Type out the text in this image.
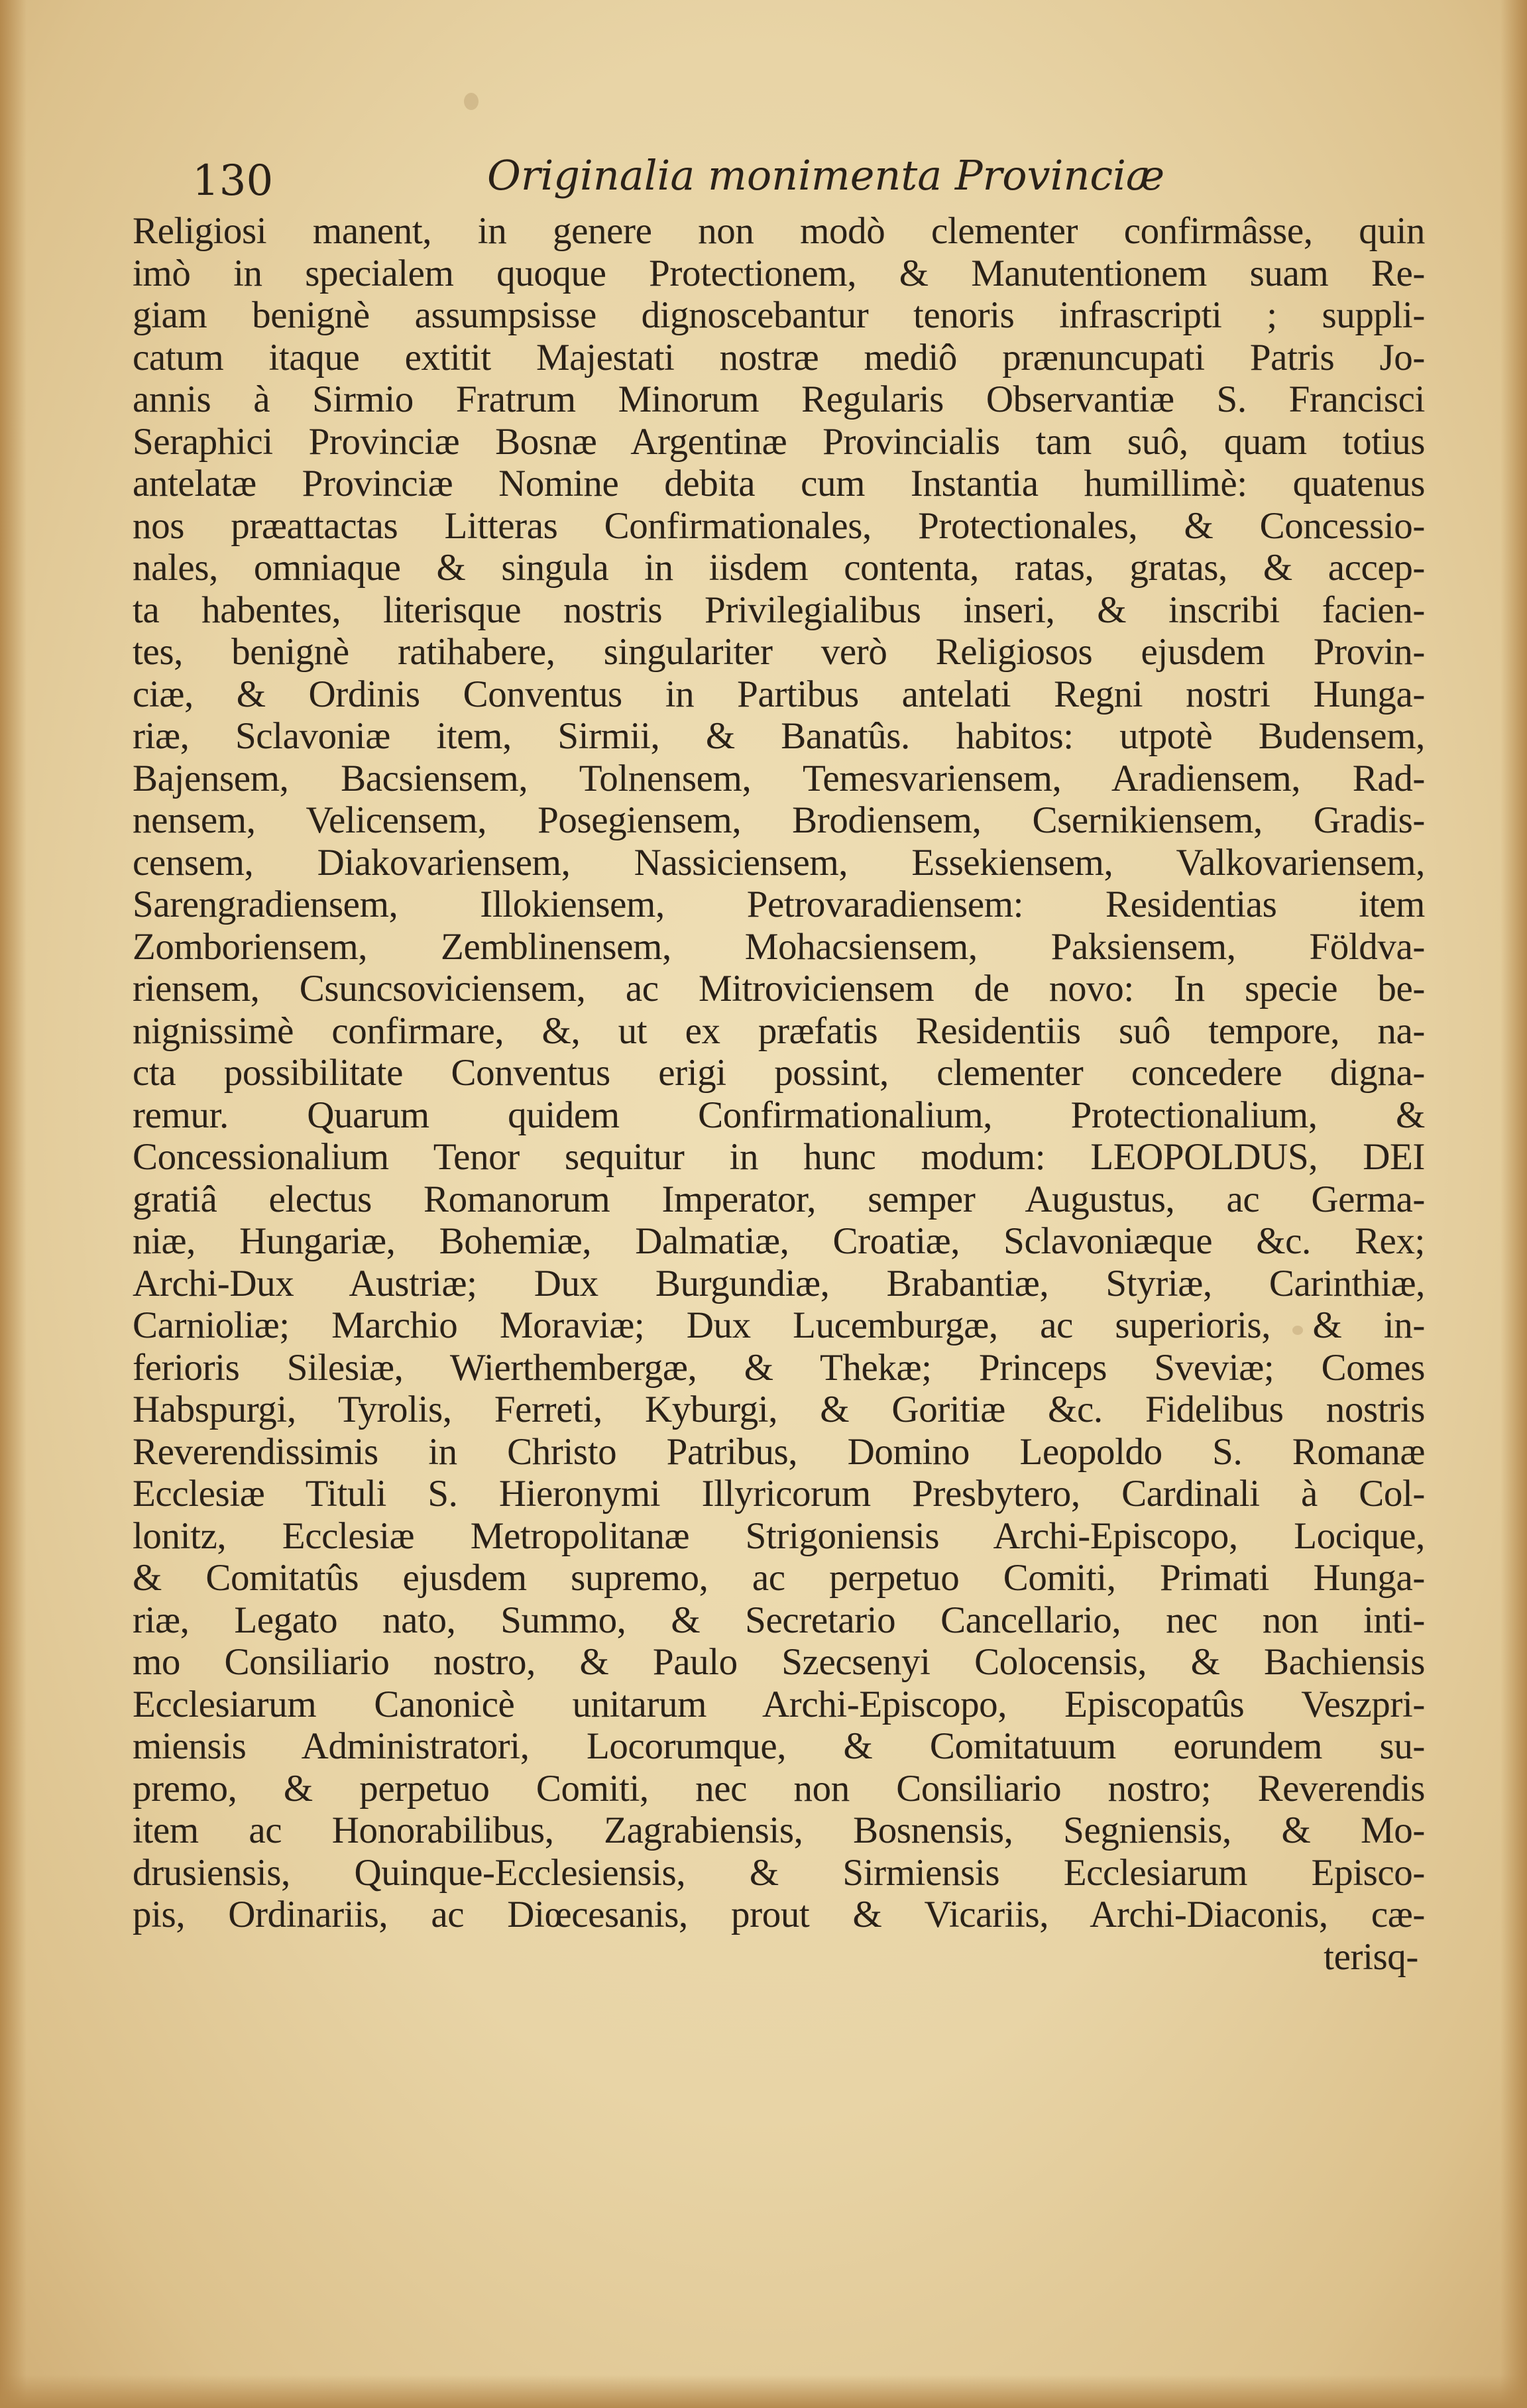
130	Originalia monimenta Provinciæ
Religiosi manent, in genere non modò clementer confirmâsse, quin
imò in specialem quoque Protectionem, & Manutentionem suam Re-
giam benignè assumpsisse dignoscebantur tenoris infrascripti ; suppli-
catum itaque extitit Majestati nostræ mediô prænuncupati Patris Jo-
annis à Sirmio Fratrum Minorum Regularis Observantiæ S. Francisci
Seraphici Provinciæ Bosnæ Argentinæ Provincialis tam suô, quam totius
antelatæ Provinciæ Nomine debita cum Instantia humillimè: quatenus
nos præattactas Litteras Confirmationales, Protectionales, & Concessio-
nales, omniaque & singula in iisdem contenta, ratas, gratas, & accep-
ta habentes, literisque nostris Privilegialibus inseri, & inscribi facien-
tes, benignè ratihabere, singulariter verò Religiosos ejusdem Provin-
ciæ, & Ordinis Conventus in Partibus antelati Regni nostri Hunga-
riæ, Sclavoniæ item, Sirmii, & Banatûs. habitos: utpotè Budensem,
Bajensem, Bacsiensem, Tolnensem, Temesvariensem, Aradiensem, Rad-
nensem, Velicensem, Posegiensem, Brodiensem, Csernikiensem, Gradis-
censem, Diakovariensem, Nassiciensem, Essekiensem, Valkovariensem,
Sarengradiensem, Illokiensem, Petrovaradiensem: Residentias item
Zomboriensem, Zemblinensem, Mohacsiensem, Paksiensem, Földva-
riensem, Csuncsoviciensem, ac Mitroviciensem de novo: In specie be-
nignissimè confirmare, &, ut ex præfatis Residentiis suô tempore, na-
cta possibilitate Conventus erigi possint, clementer concedere digna-
remur. Quarum quidem Confirmationalium, Protectionalium, &
Concessionalium Tenor sequitur in hunc modum: LEOPOLDUS, DEI
gratiâ electus Romanorum Imperator, semper Augustus, ac Germa-
niæ, Hungariæ, Bohemiæ, Dalmatiæ, Croatiæ, Sclavoniæque &c. Rex;
Archi-Dux Austriæ; Dux Burgundiæ, Brabantiæ, Styriæ, Carinthiæ,
Carnioliæ; Marchio Moraviæ; Dux Lucemburgæ, ac superioris, & in-
ferioris Silesiæ, Wierthembergæ, & Thekæ; Princeps Sveviæ; Comes
Habspurgi, Tyrolis, Ferreti, Kyburgi, & Goritiæ &c. Fidelibus nostris
Reverendissimis in Christo Patribus, Domino Leopoldo S. Romanæ
Ecclesiæ Tituli S. Hieronymi Illyricorum Presbytero, Cardinali à Col-
lonitz, Ecclesiæ Metropolitanæ Strigoniensis Archi-Episcopo, Locique,
& Comitatûs ejusdem supremo, ac perpetuo Comiti, Primati Hunga-
riæ, Legato nato, Summo, & Secretario Cancellario, nec non inti-
mo Consiliario nostro, & Paulo Szecsenyi Colocensis, & Bachiensis
Ecclesiarum Canonicè unitarum Archi-Episcopo, Episcopatûs Veszpri-
miensis Administratori, Locorumque, & Comitatuum eorundem su-
premo, & perpetuo Comiti, nec non Consiliario nostro; Reverendis
item ac Honorabilibus, Zagrabiensis, Bosnensis, Segniensis, & Mo-
drusiensis, Quinque-Ecclesiensis, & Sirmiensis Ecclesiarum Episco-
pis, Ordinariis, ac Diœcesanis, prout & Vicariis, Archi-Diaconis, cæ-
terisq-
